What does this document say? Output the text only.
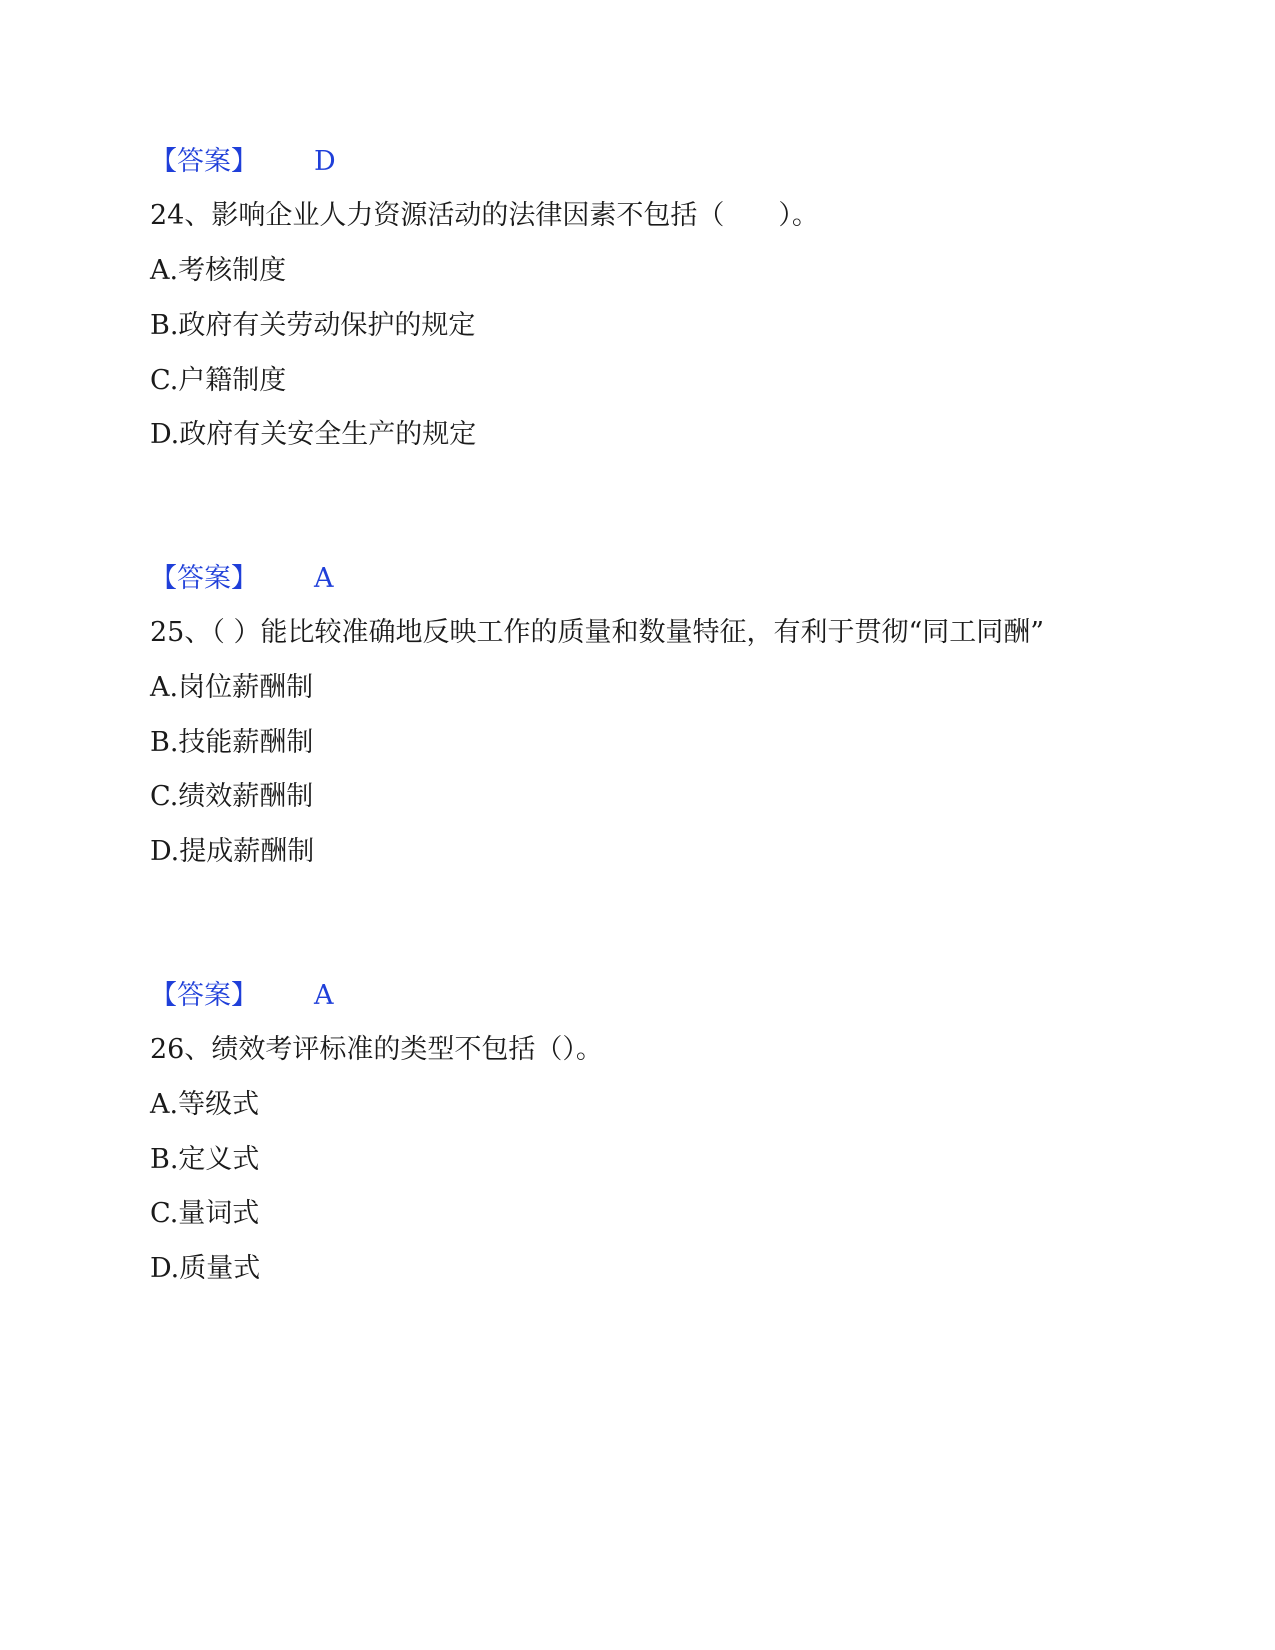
【答案】 D
24、影响企业人力资源活动的法律因素不包括（　　）。
A.考核制度
B.政府有关劳动保护的规定
C.户籍制度
D.政府有关安全生产的规定
【答案】 A
25、（ ）能比较准确地反映工作的质量和数量特征，有利于贯彻“同工同酬”
A.岗位薪酬制
B.技能薪酬制
C.绩效薪酬制
D.提成薪酬制
【答案】 A
26、绩效考评标准的类型不包括（）。
A.等级式
B.定义式
C.量词式
D.质量式
